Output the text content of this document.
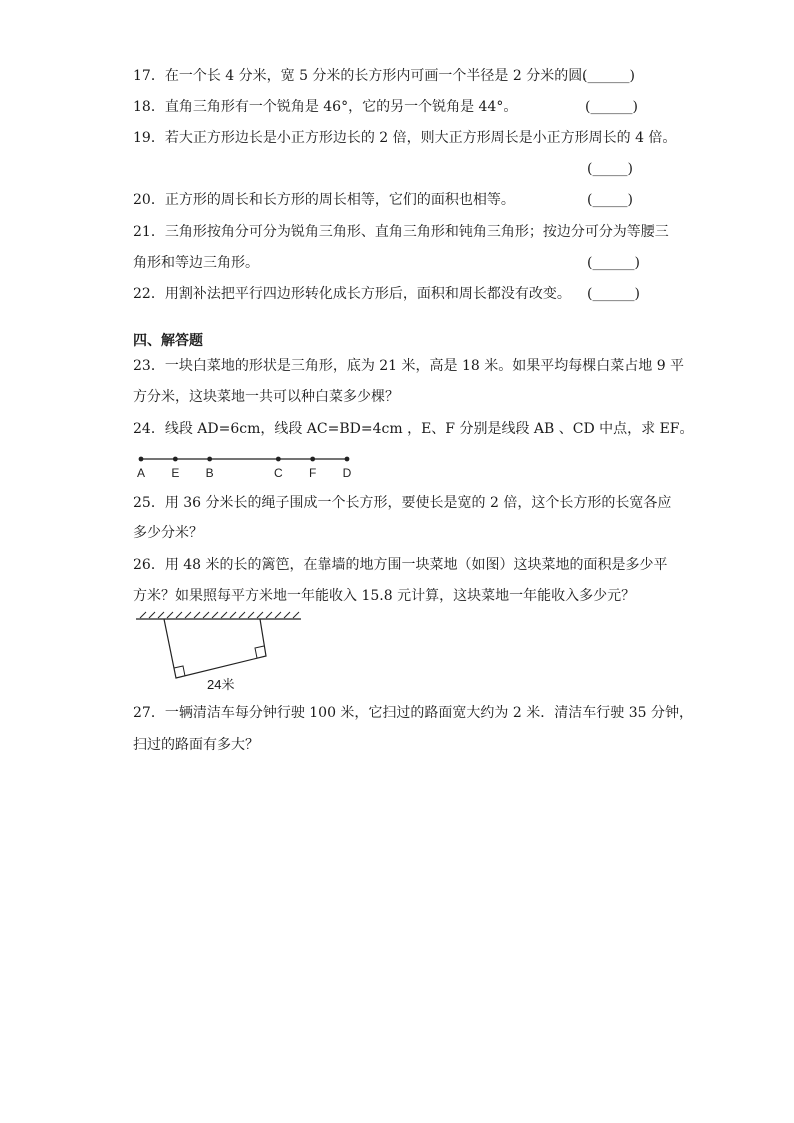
17．在一个长 4 分米，宽 5 分米的长方形内可画一个半径是 2 分米的圆．
(______)
18．直角三角形有一个锐角是 46°，它的另一个锐角是 44°。	(______)
19．若大正方形边长是小正方形边长的 2 倍，则大正方形周长是小正方形周长的 4 倍。
(_____)
20．正方形的周长和长方形的周长相等，它们的面积也相等。	(_____)
21．三角形按角分可分为锐角三角形、直角三角形和钝角三角形；按边分可分为等腰三
角形和等边三角形。	(______)
22．用割补法把平行四边形转化成长方形后，面积和周长都没有改变。 (______)
四、解答题
23．一块白菜地的形状是三角形，底为 21 米，高是 18 米。如果平均每棵白菜占地 9 平
方分米，这块菜地一共可以种白菜多少棵？
24．线段 AD=6cm，线段 AC=BD=4cm ，E、F 分别是线段 AB 、CD 中点，求 EF。
A E B	C F D
25．用 36 分米长的绳子围成一个长方形，要使长是宽的 2 倍，这个长方形的长宽各应
多少分米？
26．用 48 米的长的篱笆，在靠墙的地方围一块菜地（如图）这块菜地的面积是多少平
方米？如果照每平方米地一年能收入 15.8 元计算，这块菜地一年能收入多少元？
24米
27．一辆清洁车每分钟行驶 100 米，它扫过的路面宽大约为 2 米．清洁车行驶 35 分钟，
扫过的路面有多大？
